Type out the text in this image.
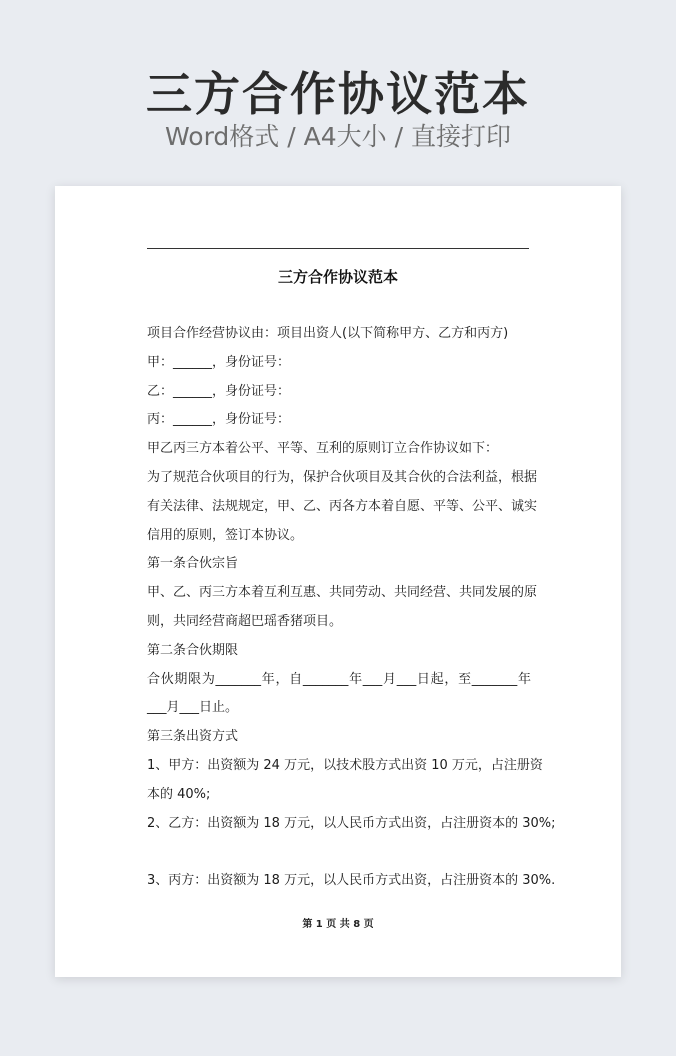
三方合作协议范本
Word格式 / A4大小 / 直接打印
三方合作协议范本
项目合作经营协议由：项目出资人(以下简称甲方、乙方和丙方)
甲：______，身份证号：
乙：______，身份证号：
丙：______，身份证号：
甲乙丙三方本着公平、平等、互利的原则订立合作协议如下：
为了规范合伙项目的行为，保护合伙项目及其合伙的合法利益，根据
有关法律、法规规定，甲、乙、丙各方本着自愿、平等、公平、诚实
信用的原则，签订本协议。
第一条合伙宗旨
甲、乙、丙三方本着互利互惠、共同劳动、共同经营、共同发展的原
则，共同经营商超巴瑶香猪项目。
第二条合伙期限
合伙期限为_______年，自_______年___月___日起，至_______年
___月___日止。
第三条出资方式
1、甲方：出资额为 24 万元，以技术股方式出资 10 万元，占注册资
本的 40%;
2、乙方：出资额为 18 万元，以人民币方式出资，占注册资本的 30%;
3、丙方：出资额为 18 万元，以人民币方式出资，占注册资本的 30%.
第 1 页 共 8 页
